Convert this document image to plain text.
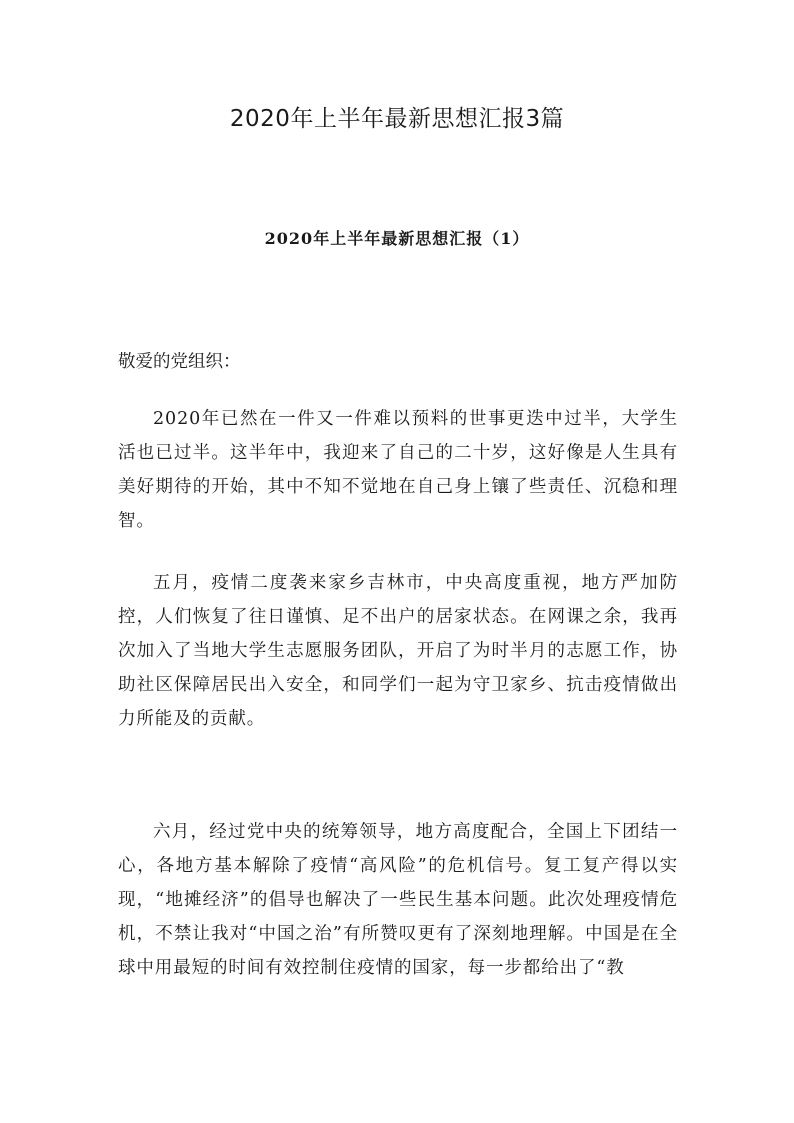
2020年上半年最新思想汇报3篇
2020年上半年最新思想汇报（1）
敬爱的党组织：
2020年已然在一件又一件难以预料的世事更迭中过半，大学生活也已过半。这半年中，我迎来了自己的二十岁，这好像是人生具有美好期待的开始，其中不知不觉地在自己身上镶了些责任、沉稳和理智。
五月，疫情二度袭来家乡吉林市，中央高度重视，地方严加防控，人们恢复了往日谨慎、足不出户的居家状态。在网课之余，我再次加入了当地大学生志愿服务团队，开启了为时半月的志愿工作，协助社区保障居民出入安全，和同学们一起为守卫家乡、抗击疫情做出力所能及的贡献。
六月，经过党中央的统筹领导，地方高度配合，全国上下团结一心，各地方基本解除了疫情“高风险”的危机信号。复工复产得以实现，“地摊经济”的倡导也解决了一些民生基本问题。此次处理疫情危机，不禁让我对“中国之治”有所赞叹更有了深刻地理解。中国是在全球中用最短的时间有效控制住疫情的国家，每一步都给出了“教
